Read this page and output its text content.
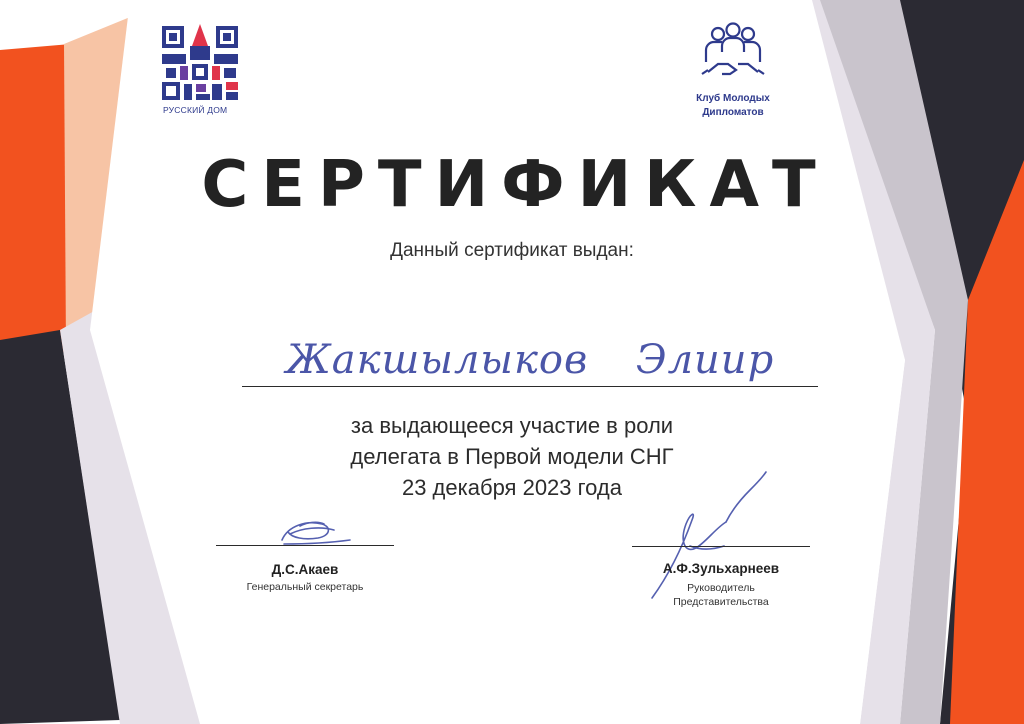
РУССКИЙ ДОМ
Клуб Молодых
Дипломатов
СЕРТИФИКАТ
Данный сертификат выдан:
Жакшылыков Элиир
за выдающееся участие в роли
делегата в Первой модели СНГ
23 декабря 2023 года
Д.С.Акаев
Генеральный секретарь
А.Ф.Зульхарнеев
Руководитель
Представительства
